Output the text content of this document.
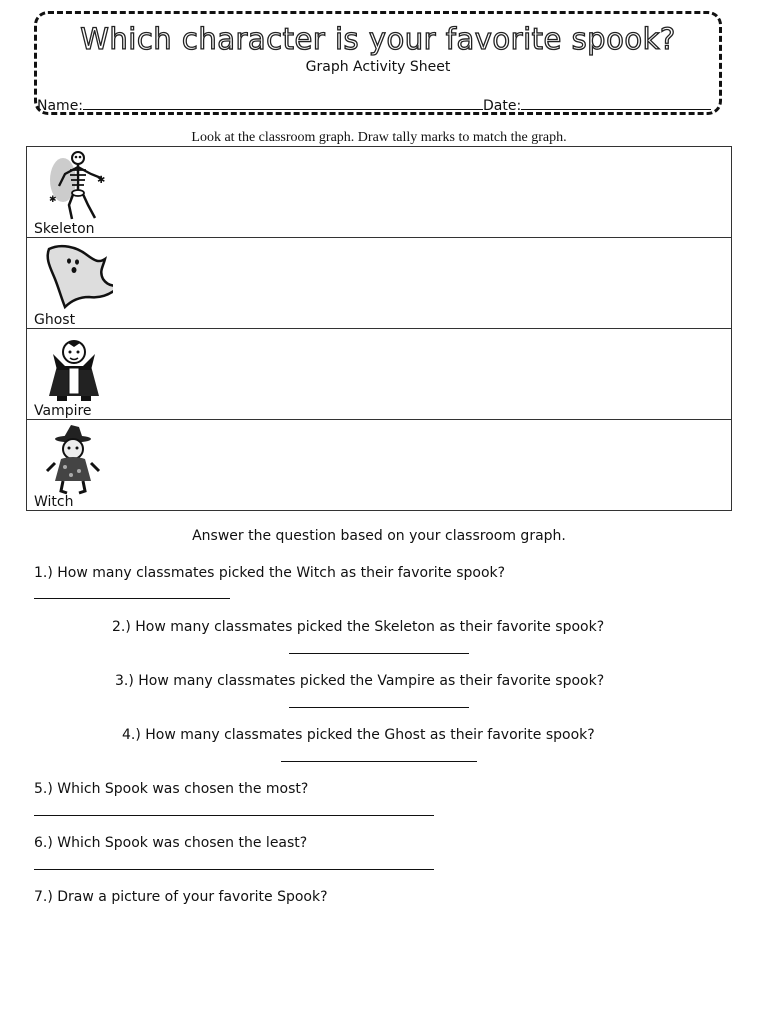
Which character is your favorite spook?
Graph Activity Sheet
Name:	Date:
Look at the classroom graph. Draw tally marks to match the graph.
✱
✱
Skeleton

Ghost

Vampire

Witch
Answer the question based on your classroom graph.
1.) How many classmates picked the Witch as their favorite spook?
2.) How many classmates picked the Skeleton as their favorite spook?
3.) How many classmates picked the Vampire as their favorite spook?
4.) How many classmates picked the Ghost as their favorite spook?
5.) Which Spook was chosen the most?
6.) Which Spook was chosen the least?
7.) Draw a picture of your favorite Spook?
